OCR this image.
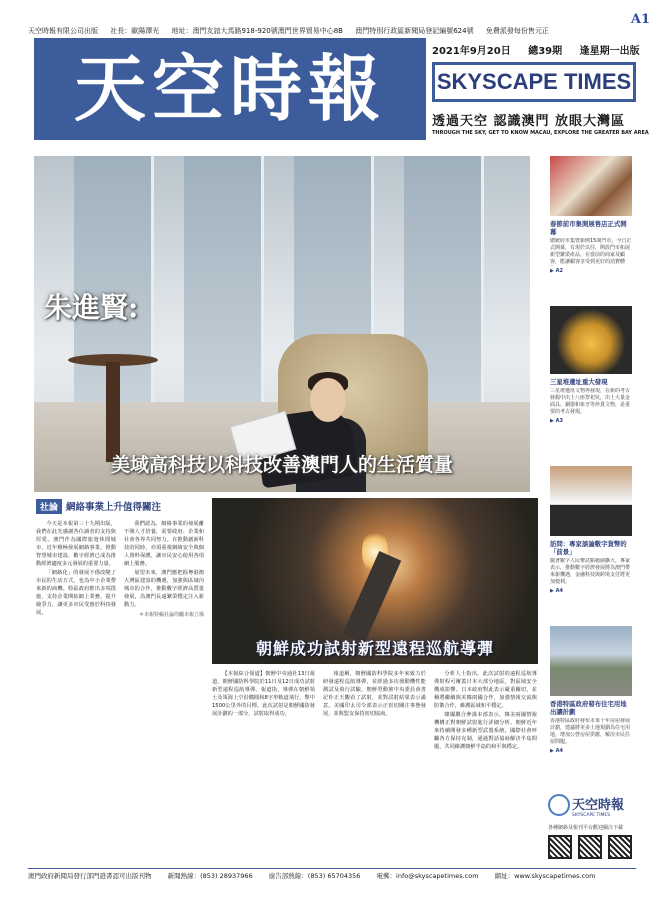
天空時報有限公司出版 社長：歐陽澤光 地址：澳門友誼大馬路918-920號澳門世界貿易中心8B 澳門特別行政區新聞局登記編號624號 免費派發每份售元正
A1
天空時報	2021年9月20日 總39期 逢星期一出版
SKYSCAPE TIMES
透過天空 認識澳門 放眼大灣區
THROUGH THE SKY, GET TO KNOW MACAU, EXPLORE THE GREATER BAY AREA
朱進賢:
美域高科技以科技改善澳門人的生活質量
春節前市集開展售店正式開幕
總統府市集暨新開15間門市，今日正式開幕，有現於以往，開設門市拓展新型繁榮產品，在當前的商家及顧客，能讓顧客享受到更好的消費體
▶ A2
三星堆遺址重大發現
三星堆遺址文物再發現，在新的考古發掘中出土八座祭祀坑，出土大量金面具、銅器和象牙等珍貴文物，是重要的考古發現。
▶ A3
訪問：專家談論數字貨幣的「前景」
隨著數字人民幣試點範圍擴大，專家表示，推動數字經濟發展將為澳門帶來新機遇，金融科技與跨境支付將更加便利。
▶ A4
香港特區政府發布住宅用地出讓計劃
香港特區政府發布未來十年房屋發展計劃，建議將更多土地規劃為住宅用地，增加公營房屋供應，解決市民住屋問題。
▶ A4
天空時報
SKYSCAPE TIMES
各種網絡及報刊平台歡迎關注下載
社論 網絡事業上升值得關注

今天是本報第三十九期出版，我們在此先感謝各位讀者的支持與厚愛。澳門作為國際旅遊休閒城市，近年積極發展網絡事業，推動智慧城市建設，數字經濟已成為推動經濟適度多元發展的重要力量。

「網絡化」的發展不僅改變了市民的生活方式，也為中小企業帶來新的商機。特區政府推出多項措施，支持企業開拓網上業務，提升競爭力，讓更多市民受惠於科技發展。

我們認為，網絡事業的發展離不開人才培養，需要政府、企業和社會各界共同努力。在推動創新科技的同時，亦須重視網絡安全與個人資料保護，讓市民安心使用各項網上服務。

展望未來，澳門應把握粵港澳大灣區建設的機遇，加強與區域內城市的合作，推動數字經濟高質量發展，為澳門長遠繁榮穩定注入新動力。

＊本報特稿社論均屬本報立場
朝鮮成功試射新型遠程巡航導彈

【本報綜合報道】朝鮮中央通社13日報道，朝鮮國防科學院於11日及12日成功試射新型遠程巡航導彈。報道指，導彈在朝鮮領土及領海上空沿橢圓和8字形軌道飛行，擊中1500公里外的目標。此次試射是朝鮮國防發展計劃的一部分，試射取得成功。

報道稱，朝鮮國防科學院多年來致力於研發遠程巡航導彈，並經過多次發動機性能測試及飛行試驗。朝鮮勞動黨中央委員會書記朴正天觀看了試射，並對試射結果表示滿意。美國印太司令部表示正密切關注事態發展，並與盟友保持密切協商。

分析人士指出，此次試射的遠程巡航導彈射程可覆蓋日本大部分地區，對區域安全構成影響。日本政府對此表示嚴重關切，並稱將繼續與美韓兩國合作，加強情報交流與防衛合作，維護區域和平穩定。

韓國聯合參謀本部表示，韓美兩國情報機構正對朝鮮試射進行詳細分析。朝鮮近年來持續開發多種新型武器系統，國際社會呼籲各方保持克制，通過對話協商解決半島問題，共同維護朝鮮半島的和平與穩定。

澳門政府新聞局發行部門證書認可出版刊物 新聞熱線：(853) 28937966 廣告部熱線：(853) 65704356 電郵：info@skyscapetimes.com 網址：www.skyscapetimes.com
